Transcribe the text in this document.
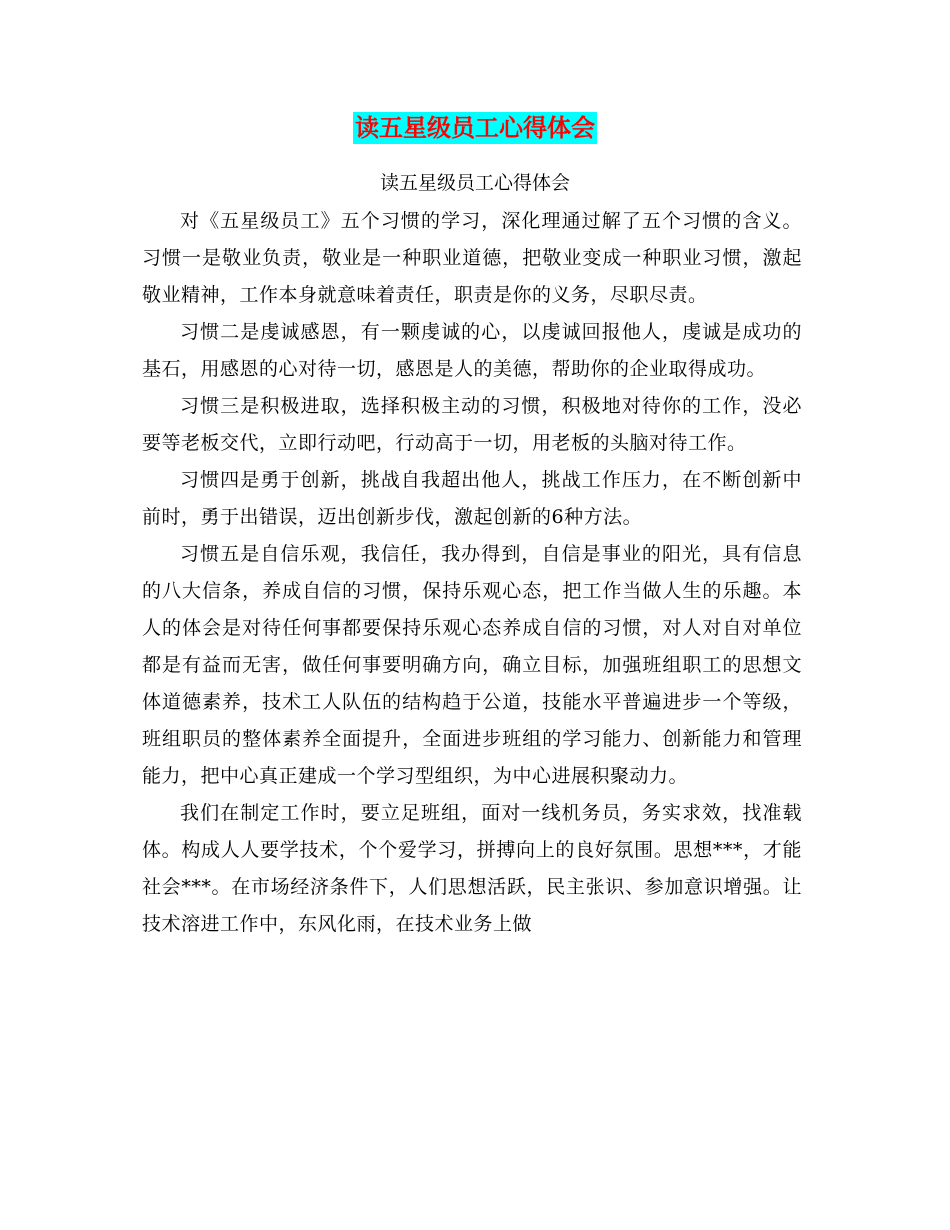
读五星级员工心得体会
读五星级员工心得体会

对《五星级员工》五个习惯的学习，深化理通过解了五个习惯的含义。习惯一是敬业负责，敬业是一种职业道德，把敬业变成一种职业习惯，激起敬业精神，工作本身就意味着责任，职责是你的义务，尽职尽责。

习惯二是虔诚感恩，有一颗虔诚的心，以虔诚回报他人，虔诚是成功的基石，用感恩的心对待一切，感恩是人的美德，帮助你的企业取得成功。

习惯三是积极进取，选择积极主动的习惯，积极地对待你的工作，没必要等老板交代，立即行动吧，行动高于一切，用老板的头脑对待工作。

习惯四是勇于创新，挑战自我超出他人，挑战工作压力，在不断创新中前时，勇于出错误，迈出创新步伐，激起创新的6种方法。

习惯五是自信乐观，我信任，我办得到，自信是事业的阳光，具有信息的八大信条，养成自信的习惯，保持乐观心态，把工作当做人生的乐趣。本人的体会是对待任何事都要保持乐观心态养成自信的习惯，对人对自对单位都是有益而无害，做任何事要明确方向，确立目标，加强班组职工的思想文体道德素养，技术工人队伍的结构趋于公道，技能水平普遍进步一个等级，班组职员的整体素养全面提升，全面进步班组的学习能力、创新能力和管理能力，把中心真正建成一个学习型组织，为中心进展积聚动力。

我们在制定工作时，要立足班组，面对一线机务员，务实求效，找准载体。构成人人要学技术，个个爱学习，拼搏向上的良好氛围。思想***，才能社会***。在市场经济条件下，人们思想活跃，民主张识、参加意识增强。让技术溶进工作中，东风化雨，在技术业务上做
